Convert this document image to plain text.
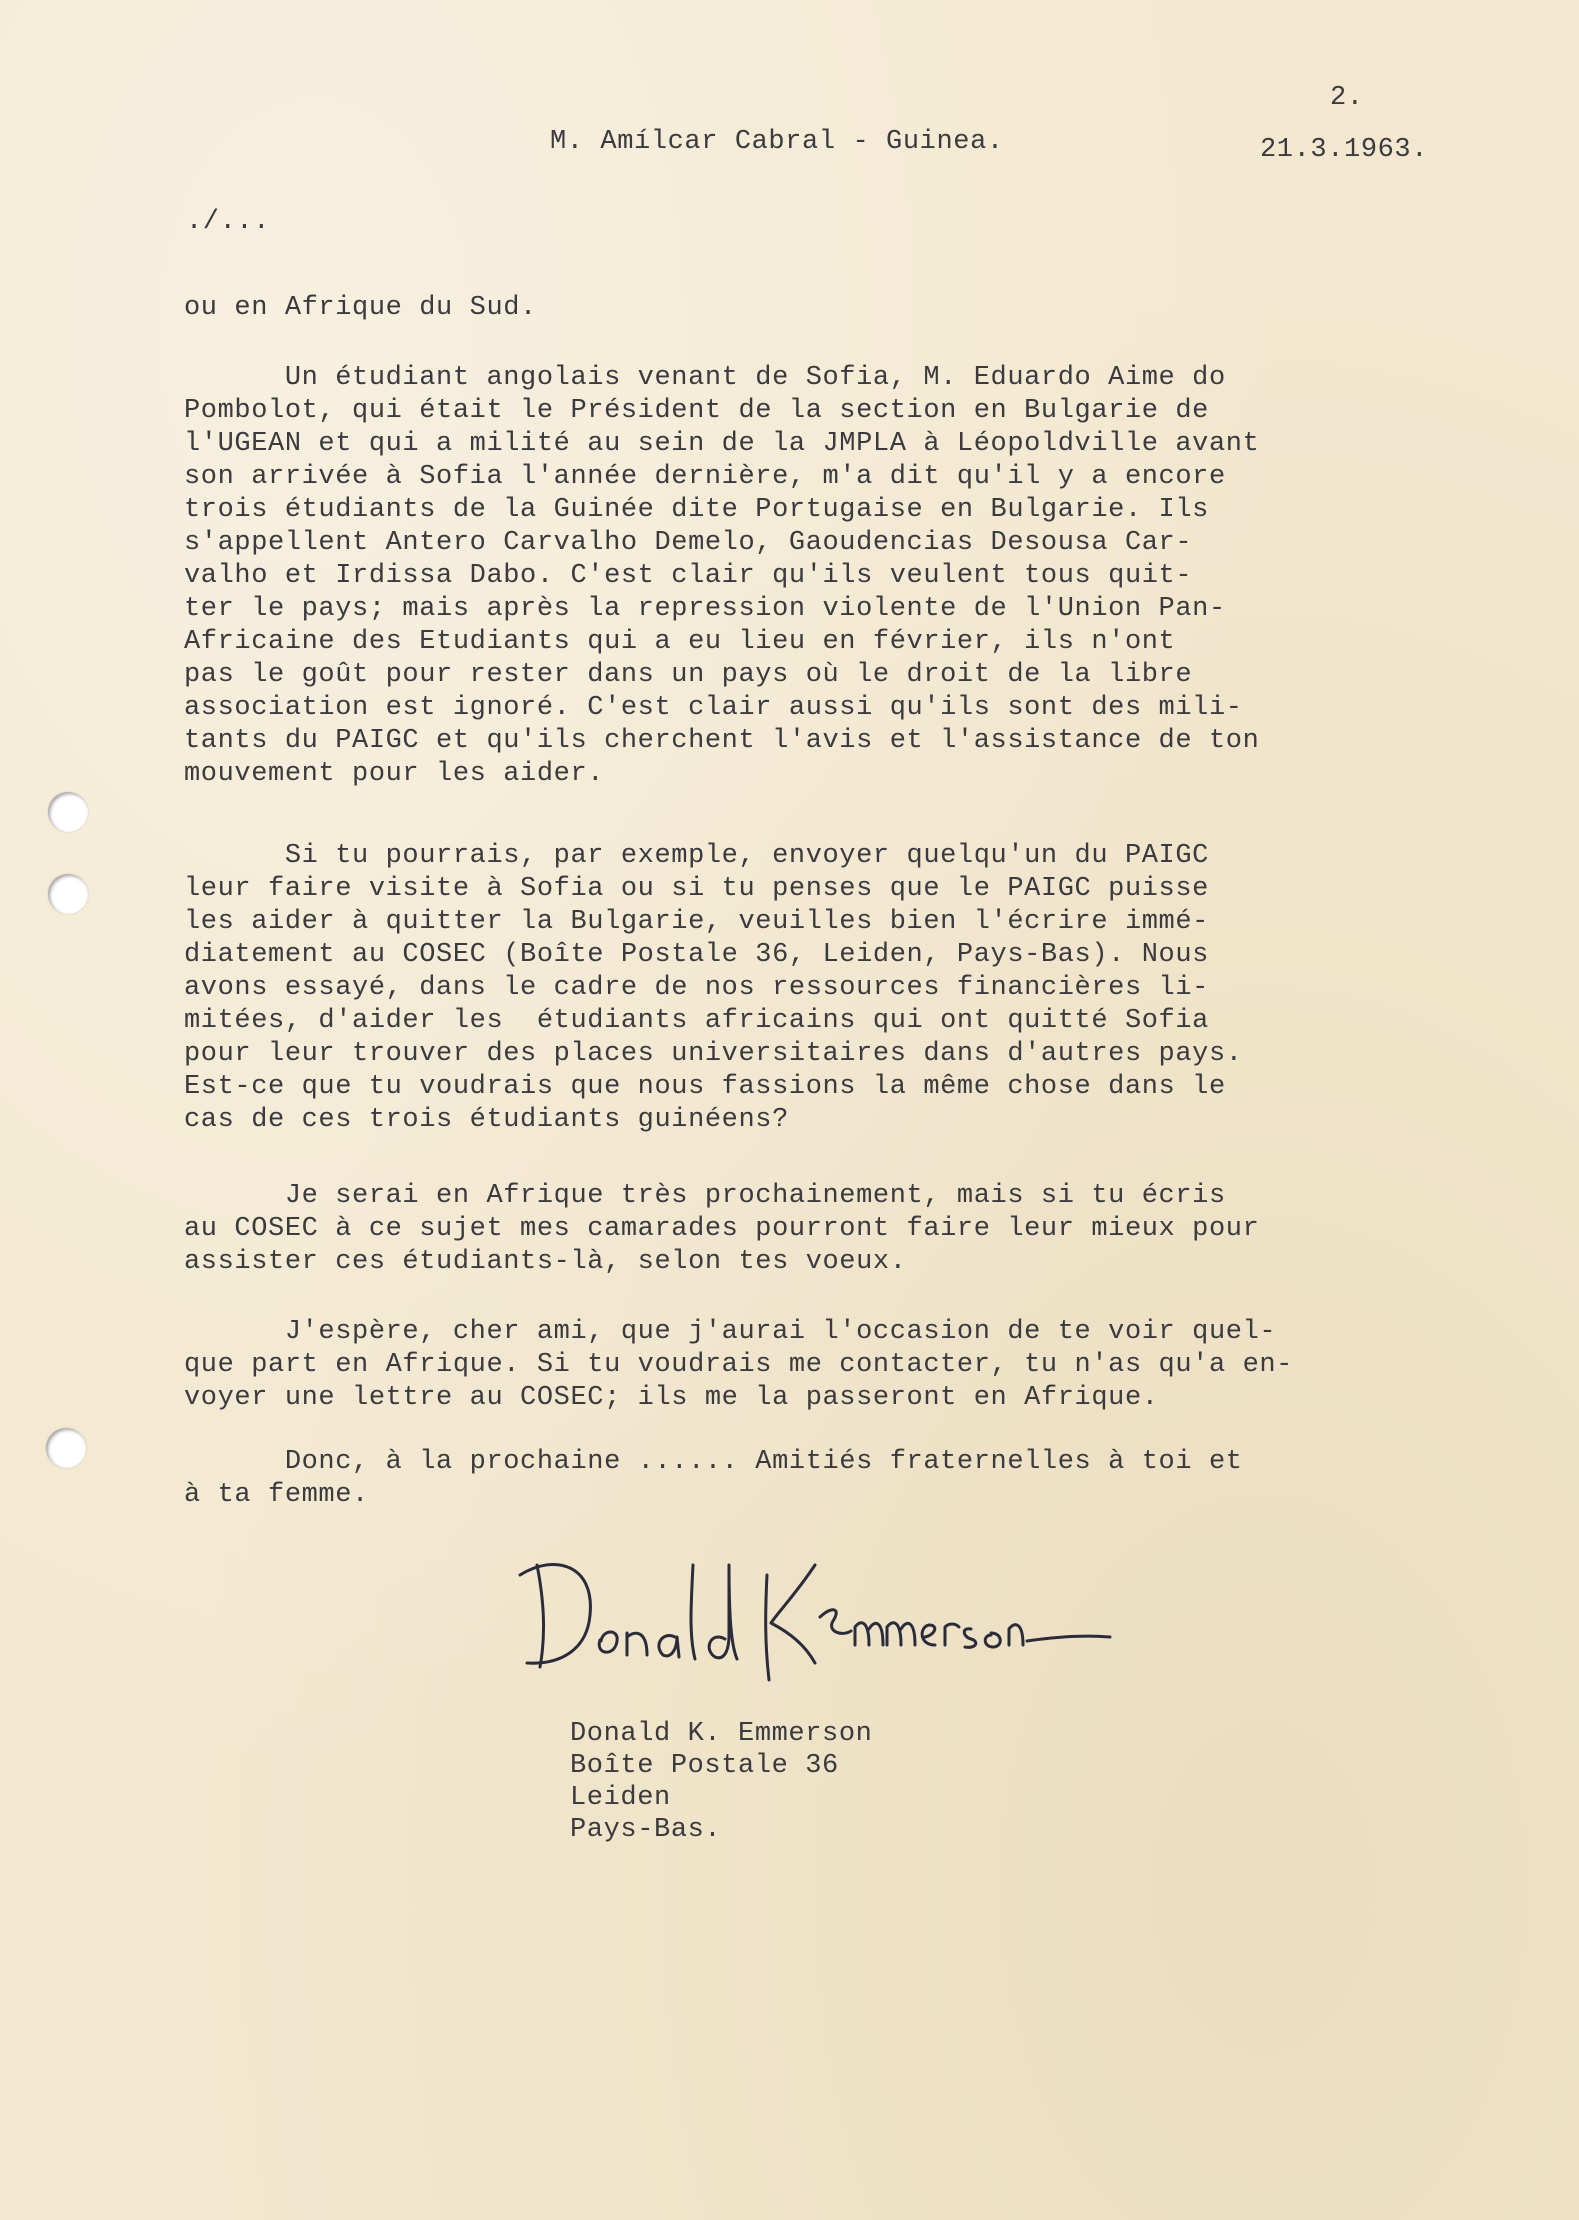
2.

M. Amílcar Cabral - Guinea.	21.3.1963.

./...

ou en Afrique du Sud.

Un étudiant angolais venant de Sofia, M. Eduardo Aime do
Pombolot, qui était le Président de la section en Bulgarie de
l'UGEAN et qui a milité au sein de la JMPLA à Léopoldville avant
son arrivée à Sofia l'année dernière, m'a dit qu'il y a encore
trois étudiants de la Guinée dite Portugaise en Bulgarie. Ils
s'appellent Antero Carvalho Demelo, Gaoudencias Desousa Car-
valho et Irdissa Dabo. C'est clair qu'ils veulent tous quit-
ter le pays; mais après la repression violente de l'Union Pan-
Africaine des Etudiants qui a eu lieu en février, ils n'ont
pas le goût pour rester dans un pays où le droit de la libre
association est ignoré. C'est clair aussi qu'ils sont des mili-
tants du PAIGC et qu'ils cherchent l'avis et l'assistance de ton
mouvement pour les aider.

Si tu pourrais, par exemple, envoyer quelqu'un du PAIGC
leur faire visite à Sofia ou si tu penses que le PAIGC puisse
les aider à quitter la Bulgarie, veuilles bien l'écrire immé-
diatement au COSEC (Boîte Postale 36, Leiden, Pays-Bas). Nous
avons essayé, dans le cadre de nos ressources financières li-
mitées, d'aider les  étudiants africains qui ont quitté Sofia
pour leur trouver des places universitaires dans d'autres pays.
Est-ce que tu voudrais que nous fassions la même chose dans le
cas de ces trois étudiants guinéens?

Je serai en Afrique très prochainement, mais si tu écris
au COSEC à ce sujet mes camarades pourront faire leur mieux pour
assister ces étudiants-là, selon tes voeux.

J'espère, cher ami, que j'aurai l'occasion de te voir quel-
que part en Afrique. Si tu voudrais me contacter, tu n'as qu'a en-
voyer une lettre au COSEC; ils me la passeront en Afrique.

Donc, à la prochaine ...... Amitiés fraternelles à toi et
à ta femme.

Donald K. Emmerson
Boîte Postale 36
Leiden
Pays-Bas.
